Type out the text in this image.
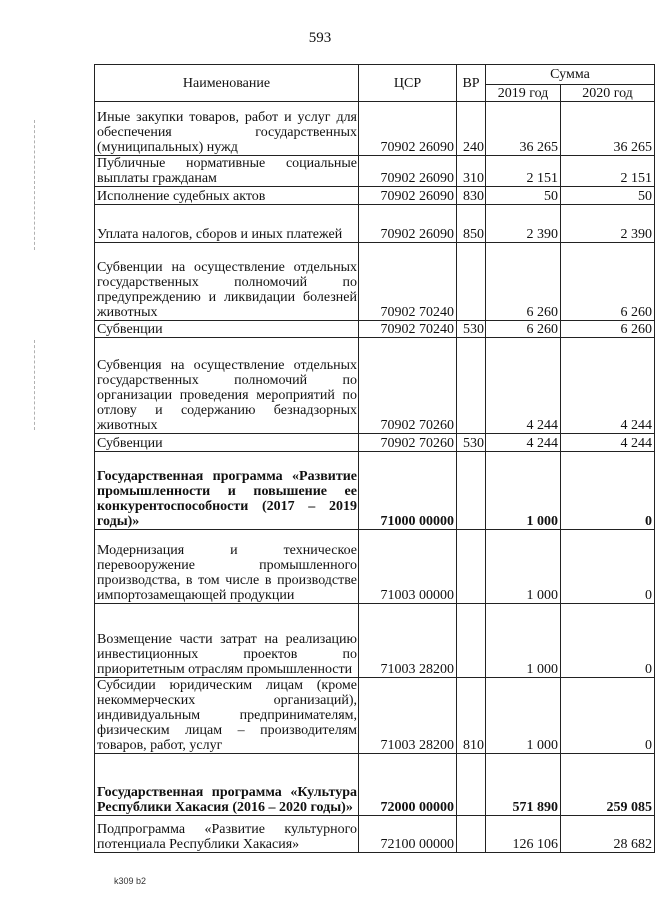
593
Наименование	ЦСР	ВР	Сумма	
			2019 год	2020 год
Иные закупки товаров, работ и услуг для обеспечения государственных (муниципальных) нужд	70902 26090	240	36 265	36 265
Публичные нормативные социальные выплаты гражданам	70902 26090	310	2 151	2 151
Исполнение судебных актов	70902 26090	830	50	50
Уплата налогов, сборов и иных платежей	70902 26090	850	2 390	2 390
Субвенции на осуществление отдельных государственных полномочий по предупреждению и ликвидации болезней животных	70902 70240		6 260	6 260
Субвенции	70902 70240	530	6 260	6 260
Субвенция на осуществление отдельных государственных полномочий по организации проведения мероприятий по отлову и содержанию безнадзорных животных	70902 70260		4 244	4 244
Субвенции	70902 70260	530	4 244	4 244
Государственная программа «Развитие промышленности и повышение ее конкурентоспособности (2017 – 2019 годы)»	71000 00000		1 000	0
Модернизация и техническое перевооружение промышленного производства, в том числе в производстве импортозамещающей продукции	71003 00000		1 000	0
Возмещение части затрат на реализацию инвестиционных проектов по приоритетным отраслям промышленности	71003 28200		1 000	0
Субсидии юридическим лицам (кроме некоммерческих организаций), индивидуальным предпринимателям, физическим лицам – производителям товаров, работ, услуг	71003 28200	810	1 000	0
Государственная программа «Культура Республики Хакасия (2016 – 2020 годы)»	72000 00000		571 890	259 085
Подпрограмма «Развитие культурного потенциала Республики Хакасия»	72100 00000		126 106	28 682
k309 b2
